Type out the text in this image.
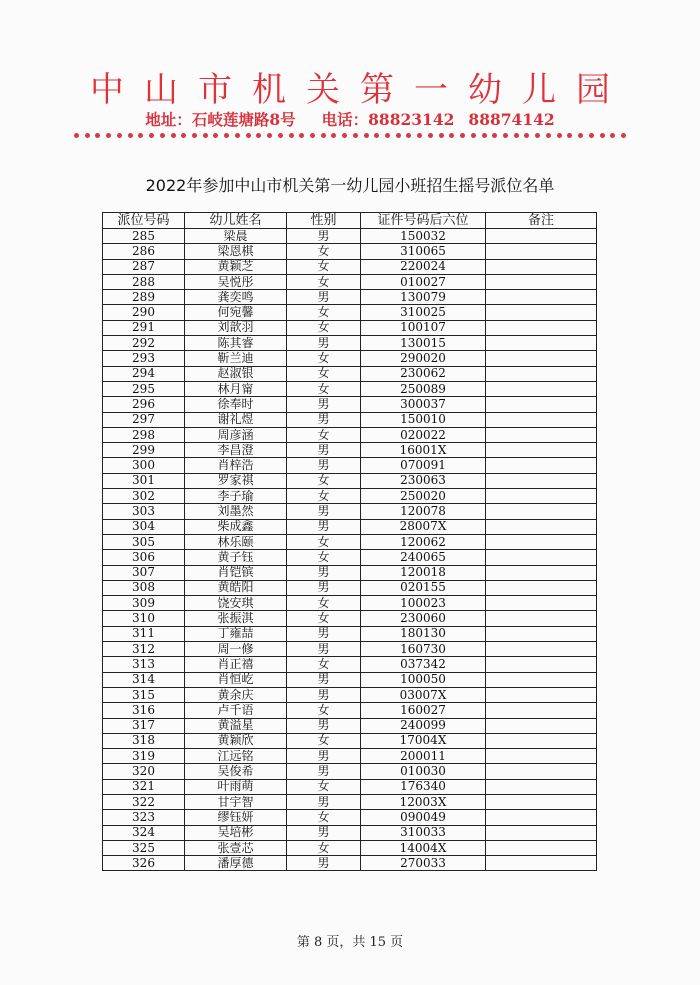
中山市机关第一幼儿园
地址：石岐莲塘路8号 电话：88823142 88874142
2022年参加中山市机关第一幼儿园小班招生摇号派位名单
派位号码	幼儿姓名	性别	证件号码后六位	备注
285	梁晨	男	150032	
286	梁恩棋	女	310065	
287	黄颖芝	女	220024	
288	吴悦彤	女	010027	
289	龚奕鸣	男	130079	
290	何宛馨	女	310025	
291	刘歆羽	女	100107	
292	陈其睿	男	130015	
293	靳兰迪	女	290020	
294	赵淑银	女	230062	
295	林月甯	女	250089	
296	徐奉时	男	300037	
297	谢礼煜	男	150010	
298	周彦涵	女	020022	
299	李昌澄	男	16001X	
300	肖梓浩	男	070091	
301	罗家祺	女	230063	
302	李子瑜	女	250020	
303	刘墨然	男	120078	
304	柴成鑫	男	28007X	
305	林乐颐	女	120062	
306	黄子钰	女	240065	
307	肖铠镔	男	120018	
308	黄皓阳	男	020155	
309	饶安琪	女	100023	
310	张振淇	女	230060	
311	丁雍喆	男	180130	
312	周一修	男	160730	
313	肖正禧	女	037342	
314	肖恒屹	男	100050	
315	黄余庆	男	03007X	
316	卢千语	女	160027	
317	黄溢星	男	240099	
318	黄颖欣	女	17004X	
319	江远铭	男	200011	
320	吴俊希	男	010030	
321	叶雨萌	女	176340	
322	甘宇智	男	12003X	
323	缪钰妍	女	090049	
324	吴培彬	男	310033	
325	张壹芯	女	14004X	
326	潘厚德	男	270033	
第 8 页，共 15 页
